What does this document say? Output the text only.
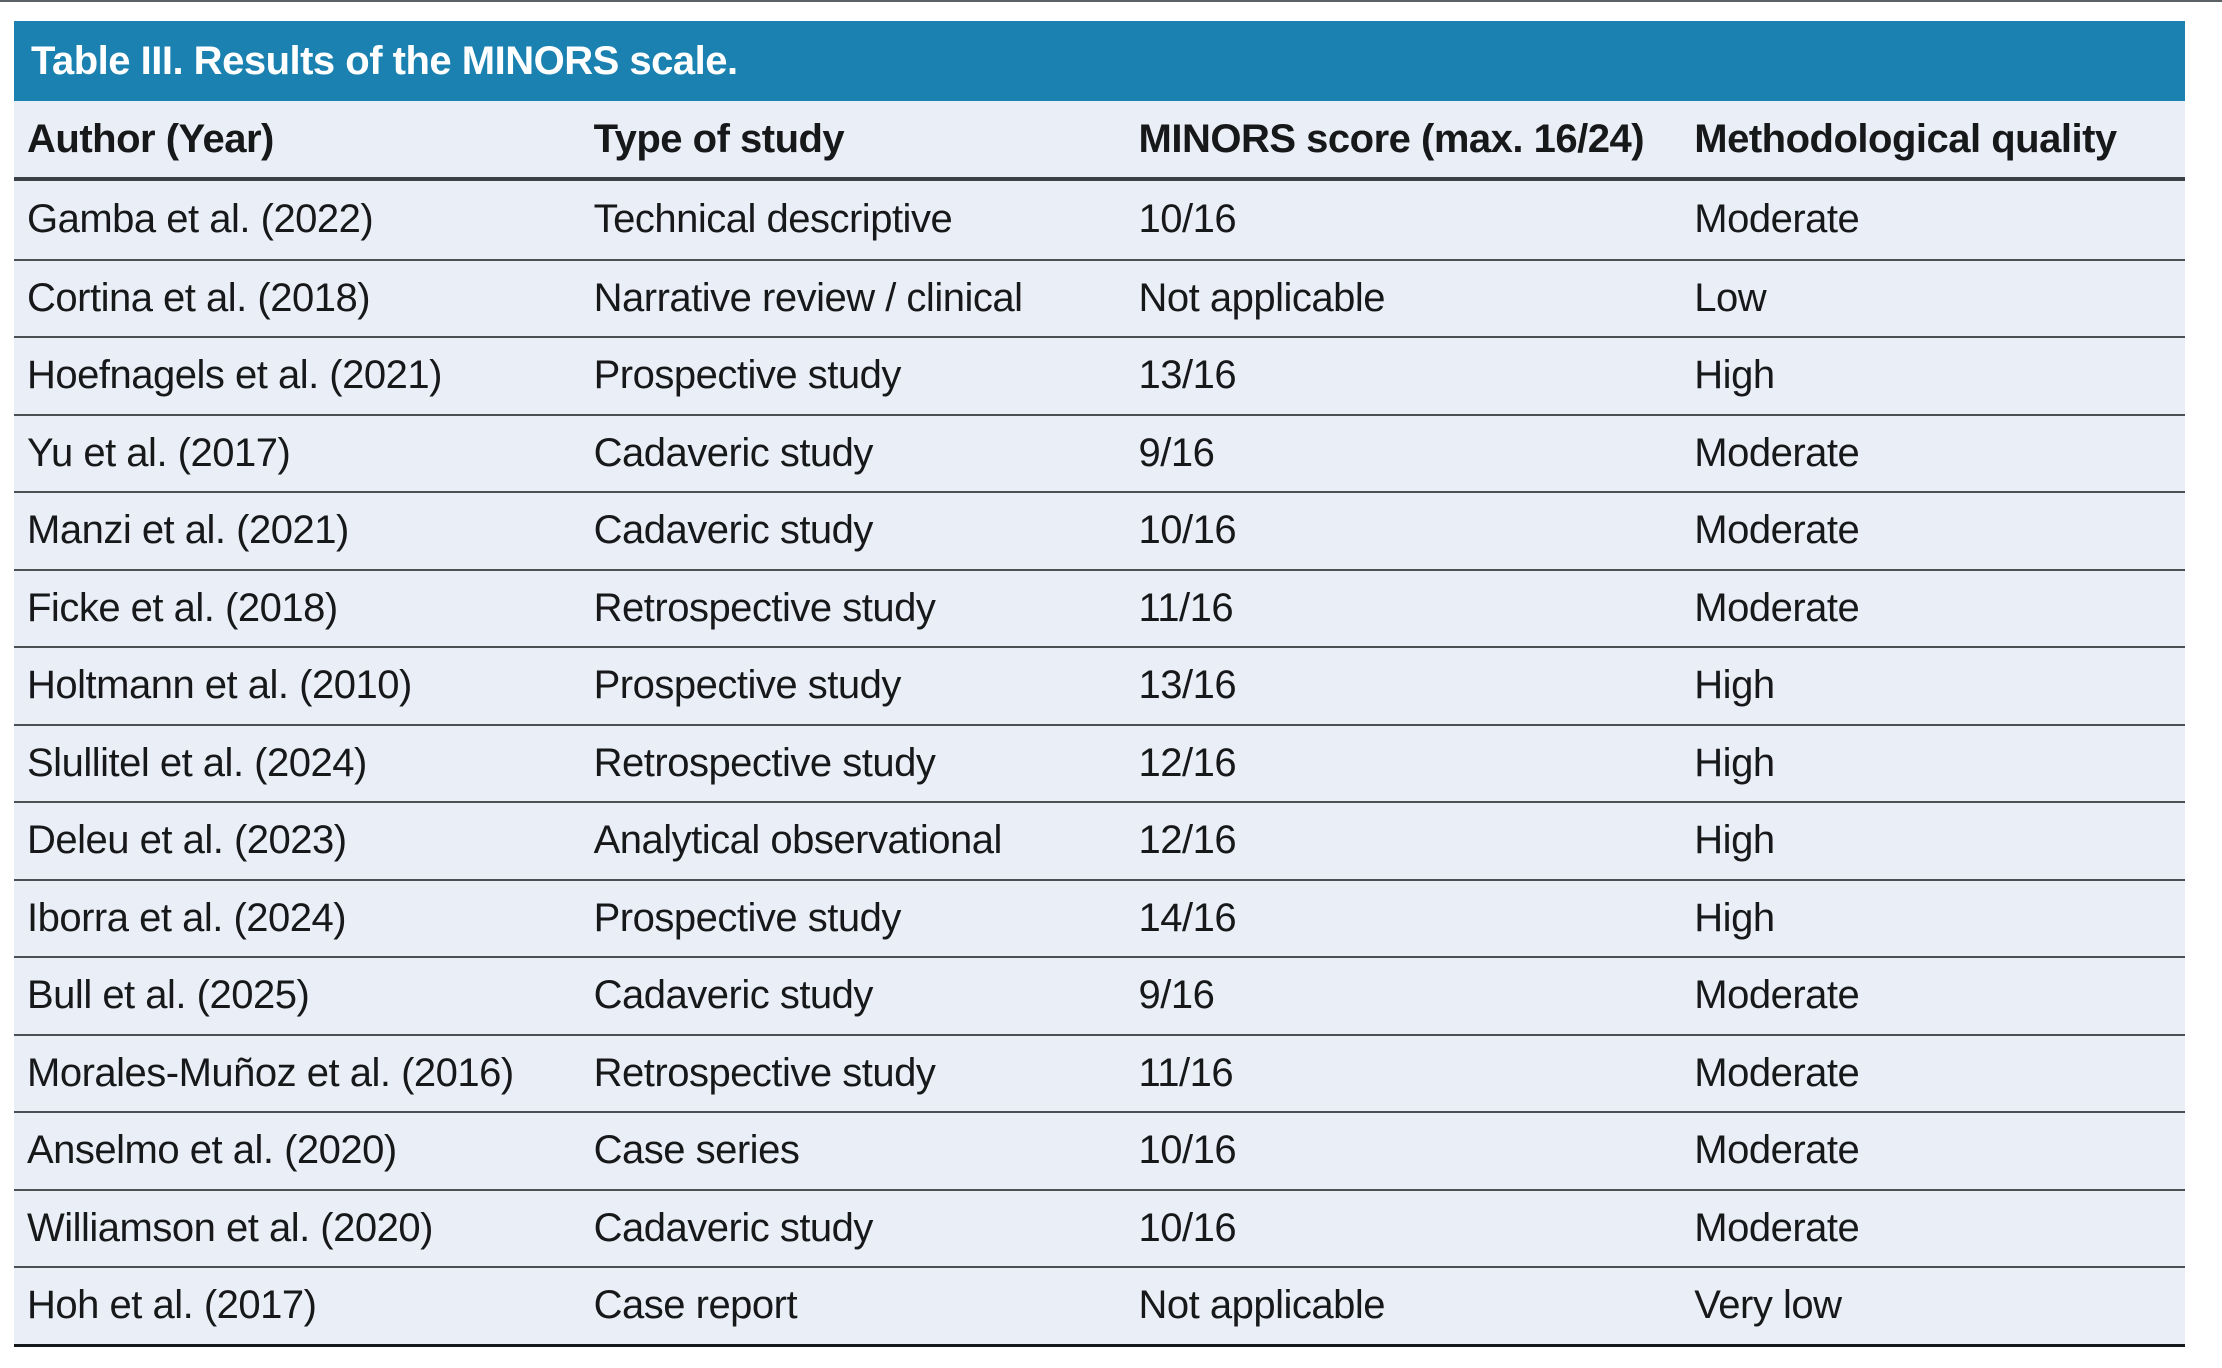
Table III. Results of the MINORS scale.
Author (Year)	Type of study	MINORS score (max. 16/24)	Methodological quality
Gamba et al. (2022)	Technical descriptive	10/16	Moderate
Cortina et al. (2018)	Narrative review / clinical	Not applicable	Low
Hoefnagels et al. (2021)	Prospective study	13/16	High
Yu et al. (2017)	Cadaveric study	9/16	Moderate
Manzi et al. (2021)	Cadaveric study	10/16	Moderate
Ficke et al. (2018)	Retrospective study	11/16	Moderate
Holtmann et al. (2010)	Prospective study	13/16	High
Slullitel et al. (2024)	Retrospective study	12/16	High
Deleu et al. (2023)	Analytical observational	12/16	High
Iborra et al. (2024)	Prospective study	14/16	High
Bull et al. (2025)	Cadaveric study	9/16	Moderate
Morales-Muñoz et al. (2016)	Retrospective study	11/16	Moderate
Anselmo et al. (2020)	Case series	10/16	Moderate
Williamson et al. (2020)	Cadaveric study	10/16	Moderate
Hoh et al. (2017)	Case report	Not applicable	Very low
